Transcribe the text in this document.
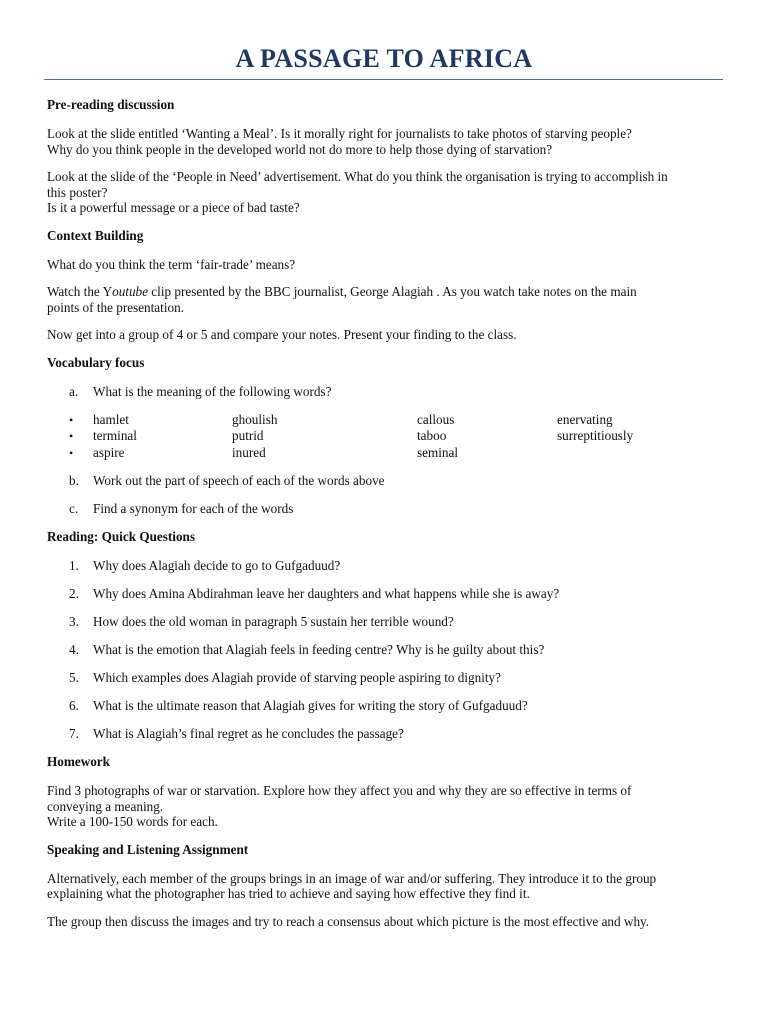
A PASSAGE TO AFRICA
Pre-reading discussion
Look at the slide entitled ‘Wanting a Meal’. Is it morally right for journalists to take photos of starving people?
Why do you think people in the developed world not do more to help those dying of starvation?
Look at the slide of the ‘People in Need’ advertisement. What do you think the organisation is trying to accomplish in
this poster?
Is it a powerful message or a piece of bad taste?
Context Building
What do you think the term ‘fair-trade’ means?
Watch the Youtube clip presented by the BBC journalist, George Alagiah . As you watch take notes on the main
points of the presentation.
Now get into a group of 4 or 5 and compare your notes. Present your finding to the class.
Vocabulary focus
a. What is the meaning of the following words?
• hamlet	ghoulish	callous	enervating
• terminal	putrid	taboo	surreptitiously
• aspire	inured	seminal
b. Work out the part of speech of each of the words above
c. Find a synonym for each of the words
Reading: Quick Questions
1. Why does Alagiah decide to go to Gufgaduud?
2. Why does Amina Abdirahman leave her daughters and what happens while she is away?
3. How does the old woman in paragraph 5 sustain her terrible wound?
4. What is the emotion that Alagiah feels in feeding centre? Why is he guilty about this?
5. Which examples does Alagiah provide of starving people aspiring to dignity?
6. What is the ultimate reason that Alagiah gives for writing the story of Gufgaduud?
7. What is Alagiah’s final regret as he concludes the passage?
Homework
Find 3 photographs of war or starvation. Explore how they affect you and why they are so effective in terms of
conveying a meaning.
Write a 100-150 words for each.
Speaking and Listening Assignment
Alternatively, each member of the groups brings in an image of war and/or suffering. They introduce it to the group
explaining what the photographer has tried to achieve and saying how effective they find it.
The group then discuss the images and try to reach a consensus about which picture is the most effective and why.
